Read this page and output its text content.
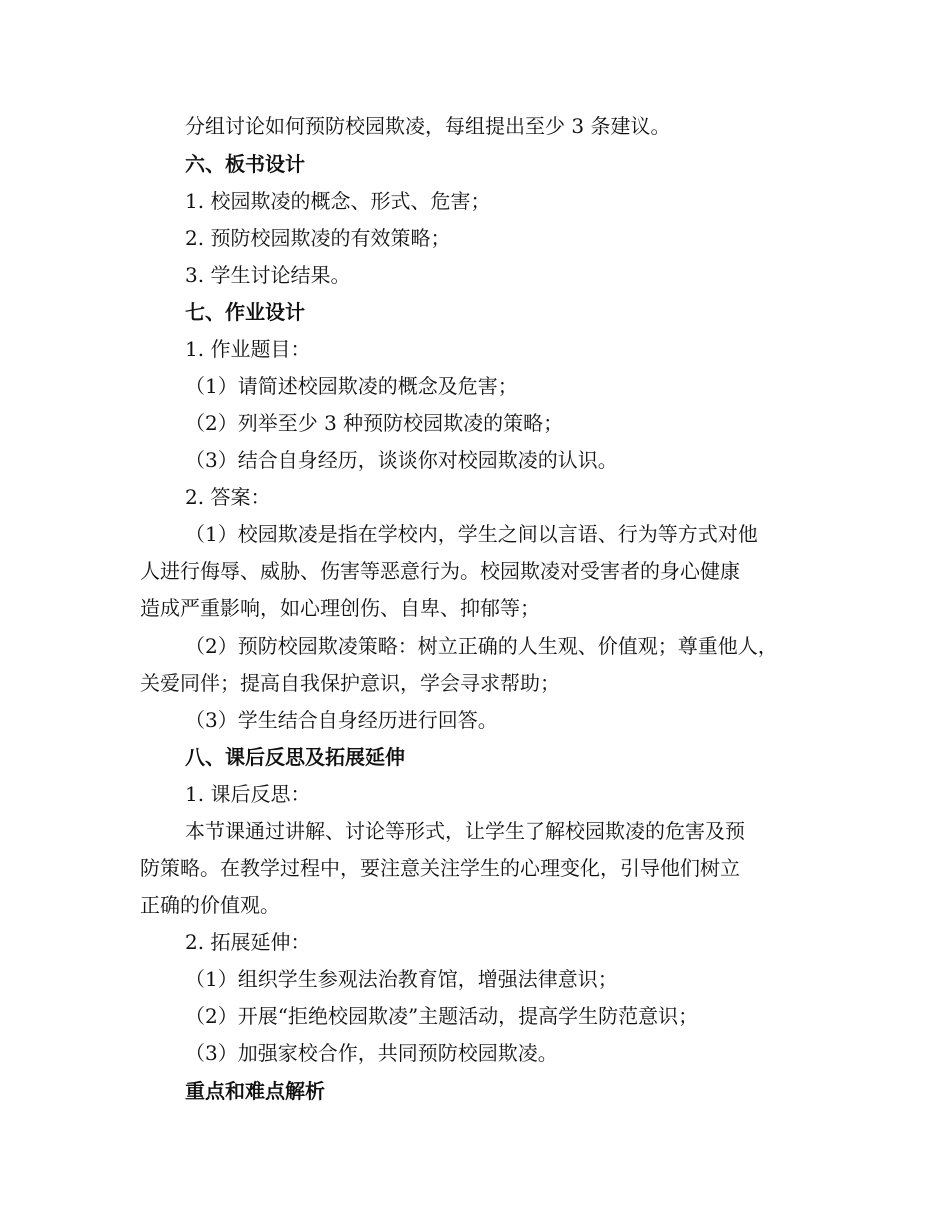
分组讨论如何预防校园欺凌，每组提出至少 3 条建议。
六、板书设计
1. 校园欺凌的概念、形式、危害；
2. 预防校园欺凌的有效策略；
3. 学生讨论结果。
七、作业设计
1. 作业题目：
（1）请简述校园欺凌的概念及危害；
（2）列举至少 3 种预防校园欺凌的策略；
（3）结合自身经历，谈谈你对校园欺凌的认识。
2. 答案：
（1）校园欺凌是指在学校内，学生之间以言语、行为等方式对他
人进行侮辱、威胁、伤害等恶意行为。校园欺凌对受害者的身心健康
造成严重影响，如心理创伤、自卑、抑郁等；
（2）预防校园欺凌策略：树立正确的人生观、价值观；尊重他人，
关爱同伴；提高自我保护意识，学会寻求帮助；
（3）学生结合自身经历进行回答。
八、课后反思及拓展延伸
1. 课后反思：
本节课通过讲解、讨论等形式，让学生了解校园欺凌的危害及预
防策略。在教学过程中，要注意关注学生的心理变化，引导他们树立
正确的价值观。
2. 拓展延伸：
（1）组织学生参观法治教育馆，增强法律意识；
（2）开展“拒绝校园欺凌”主题活动，提高学生防范意识；
（3）加强家校合作，共同预防校园欺凌。
重点和难点解析
